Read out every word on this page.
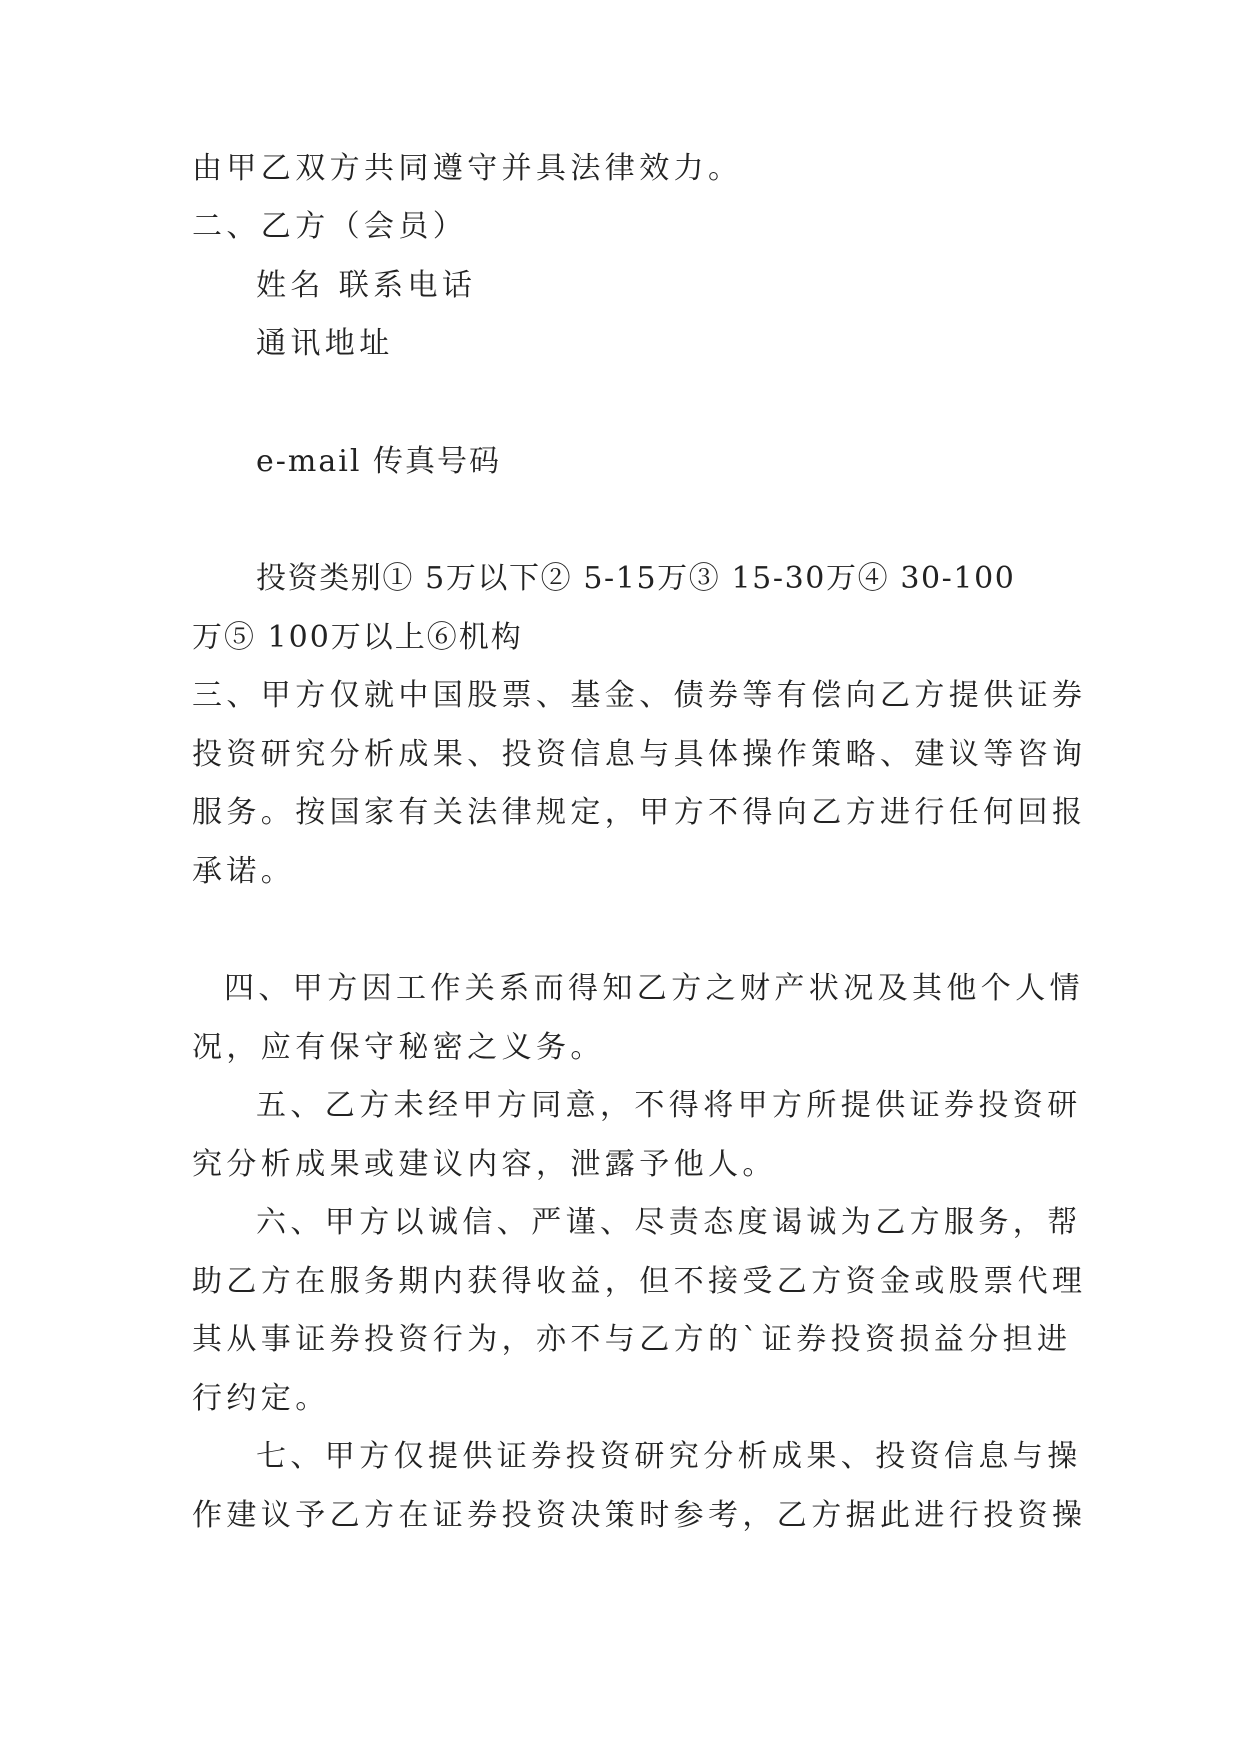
由甲乙双方共同遵守并具法律效力。
二、乙方（会员）
姓名 联系电话
通讯地址
e-mail 传真号码
投资类别① 5万以下② 5-15万③ 15-30万④ 30-100
万⑤ 100万以上⑥机构
三、甲方仅就中国股票、基金、债券等有偿向乙方提供证券
投资研究分析成果、投资信息与具体操作策略、建议等咨询
服务。按国家有关法律规定，甲方不得向乙方进行任何回报
承诺。
四、甲方因工作关系而得知乙方之财产状况及其他个人情
况，应有保守秘密之义务。
五、乙方未经甲方同意，不得将甲方所提供证券投资研
究分析成果或建议内容，泄露予他人。
六、甲方以诚信、严谨、尽责态度谒诚为乙方服务，帮
助乙方在服务期内获得收益，但不接受乙方资金或股票代理
其从事证券投资行为，亦不与乙方的`证券投资损益分担进
行约定。
七、甲方仅提供证券投资研究分析成果、投资信息与操
作建议予乙方在证券投资决策时参考，乙方据此进行投资操
